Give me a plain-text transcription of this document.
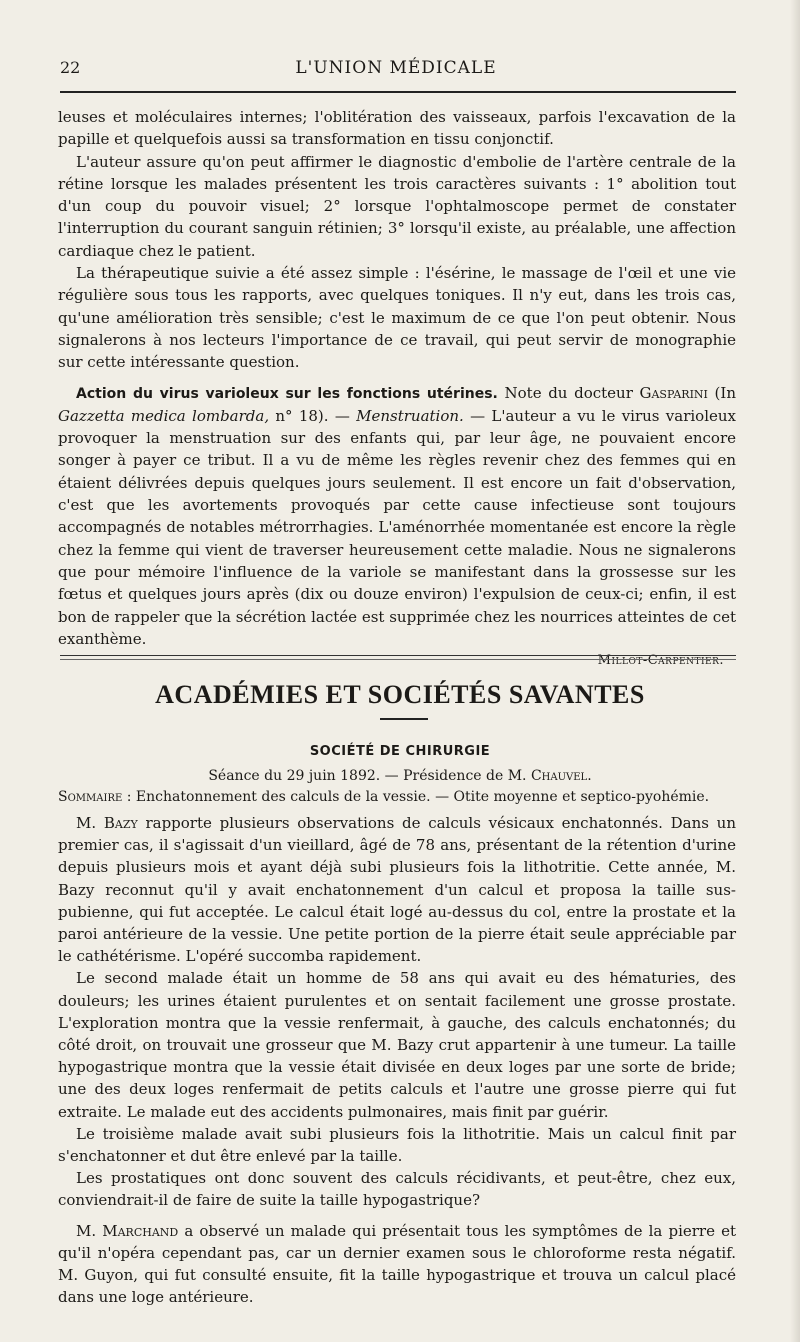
22	L'UNION MÉDICALE

leuses et moléculaires internes; l'oblitération des vaisseaux, parfois l'excavation de la papille et quelquefois aussi sa transformation en tissu conjonctif.

L'auteur assure qu'on peut affirmer le diagnostic d'embolie de l'artère centrale de la rétine lorsque les malades présentent les trois caractères suivants : 1° abolition tout d'un coup du pouvoir visuel; 2° lorsque l'ophtalmoscope permet de constater l'interruption du courant sanguin rétinien; 3° lorsqu'il existe, au préalable, une affection cardiaque chez le patient.

La thérapeutique suivie a été assez simple : l'ésérine, le massage de l'œil et une vie régulière sous tous les rapports, avec quelques toniques. Il n'y eut, dans les trois cas, qu'une amélioration très sensible; c'est le maximum de ce que l'on peut obtenir. Nous signalerons à nos lecteurs l'importance de ce travail, qui peut servir de monographie sur cette intéressante question.

Action du virus varioleux sur les fonctions utérines. Note du docteur Gasparini (In Gazzetta medica lombarda, n° 18). — Menstruation. — L'auteur a vu le virus varioleux provoquer la menstruation sur des enfants qui, par leur âge, ne pouvaient encore songer à payer ce tribut. Il a vu de même les règles revenir chez des femmes qui en étaient délivrées depuis quelques jours seulement. Il est encore un fait d'observation, c'est que les avortements provoqués par cette cause infectieuse sont toujours accompagnés de notables métrorrhagies. L'aménorrhée momentanée est encore la règle chez la femme qui vient de traverser heureusement cette maladie. Nous ne signalerons que pour mémoire l'influence de la variole se manifestant dans la grossesse sur les fœtus et quelques jours après (dix ou douze environ) l'expulsion de ceux-ci; enfin, il est bon de rappeler que la sécrétion lactée est supprimée chez les nourrices atteintes de cet exanthème.

Millot-Carpentier.

ACADÉMIES ET SOCIÉTÉS SAVANTES
SOCIÉTÉ DE CHIRURGIE
Séance du 29 juin 1892. — Présidence de M. Chauvel.
Sommaire : Enchatonnement des calculs de la vessie. — Otite moyenne et septico-pyohémie.

M. Bazy rapporte plusieurs observations de calculs vésicaux enchatonnés. Dans un premier cas, il s'agissait d'un vieillard, âgé de 78 ans, présentant de la rétention d'urine depuis plusieurs mois et ayant déjà subi plusieurs fois la lithotritie. Cette année, M. Bazy reconnut qu'il y avait enchatonnement d'un calcul et proposa la taille sus-pubienne, qui fut acceptée. Le calcul était logé au-dessus du col, entre la prostate et la paroi antérieure de la vessie. Une petite portion de la pierre était seule appréciable par le cathétérisme. L'opéré succomba rapidement.

Le second malade était un homme de 58 ans qui avait eu des hématuries, des douleurs; les urines étaient purulentes et on sentait facilement une grosse prostate. L'exploration montra que la vessie renfermait, à gauche, des calculs enchatonnés; du côté droit, on trouvait une grosseur que M. Bazy crut appartenir à une tumeur. La taille hypogastrique montra que la vessie était divisée en deux loges par une sorte de bride; une des deux loges renfermait de petits calculs et l'autre une grosse pierre qui fut extraite. Le malade eut des accidents pulmonaires, mais finit par guérir.

Le troisième malade avait subi plusieurs fois la lithotritie. Mais un calcul finit par s'enchatonner et dut être enlevé par la taille.

Les prostatiques ont donc souvent des calculs récidivants, et peut-être, chez eux, conviendrait-il de faire de suite la taille hypogastrique?

M. Marchand a observé un malade qui présentait tous les symptômes de la pierre et qu'il n'opéra cependant pas, car un dernier examen sous le chloroforme resta négatif. M. Guyon, qui fut consulté ensuite, fit la taille hypogastrique et trouva un calcul placé dans une loge antérieure.
